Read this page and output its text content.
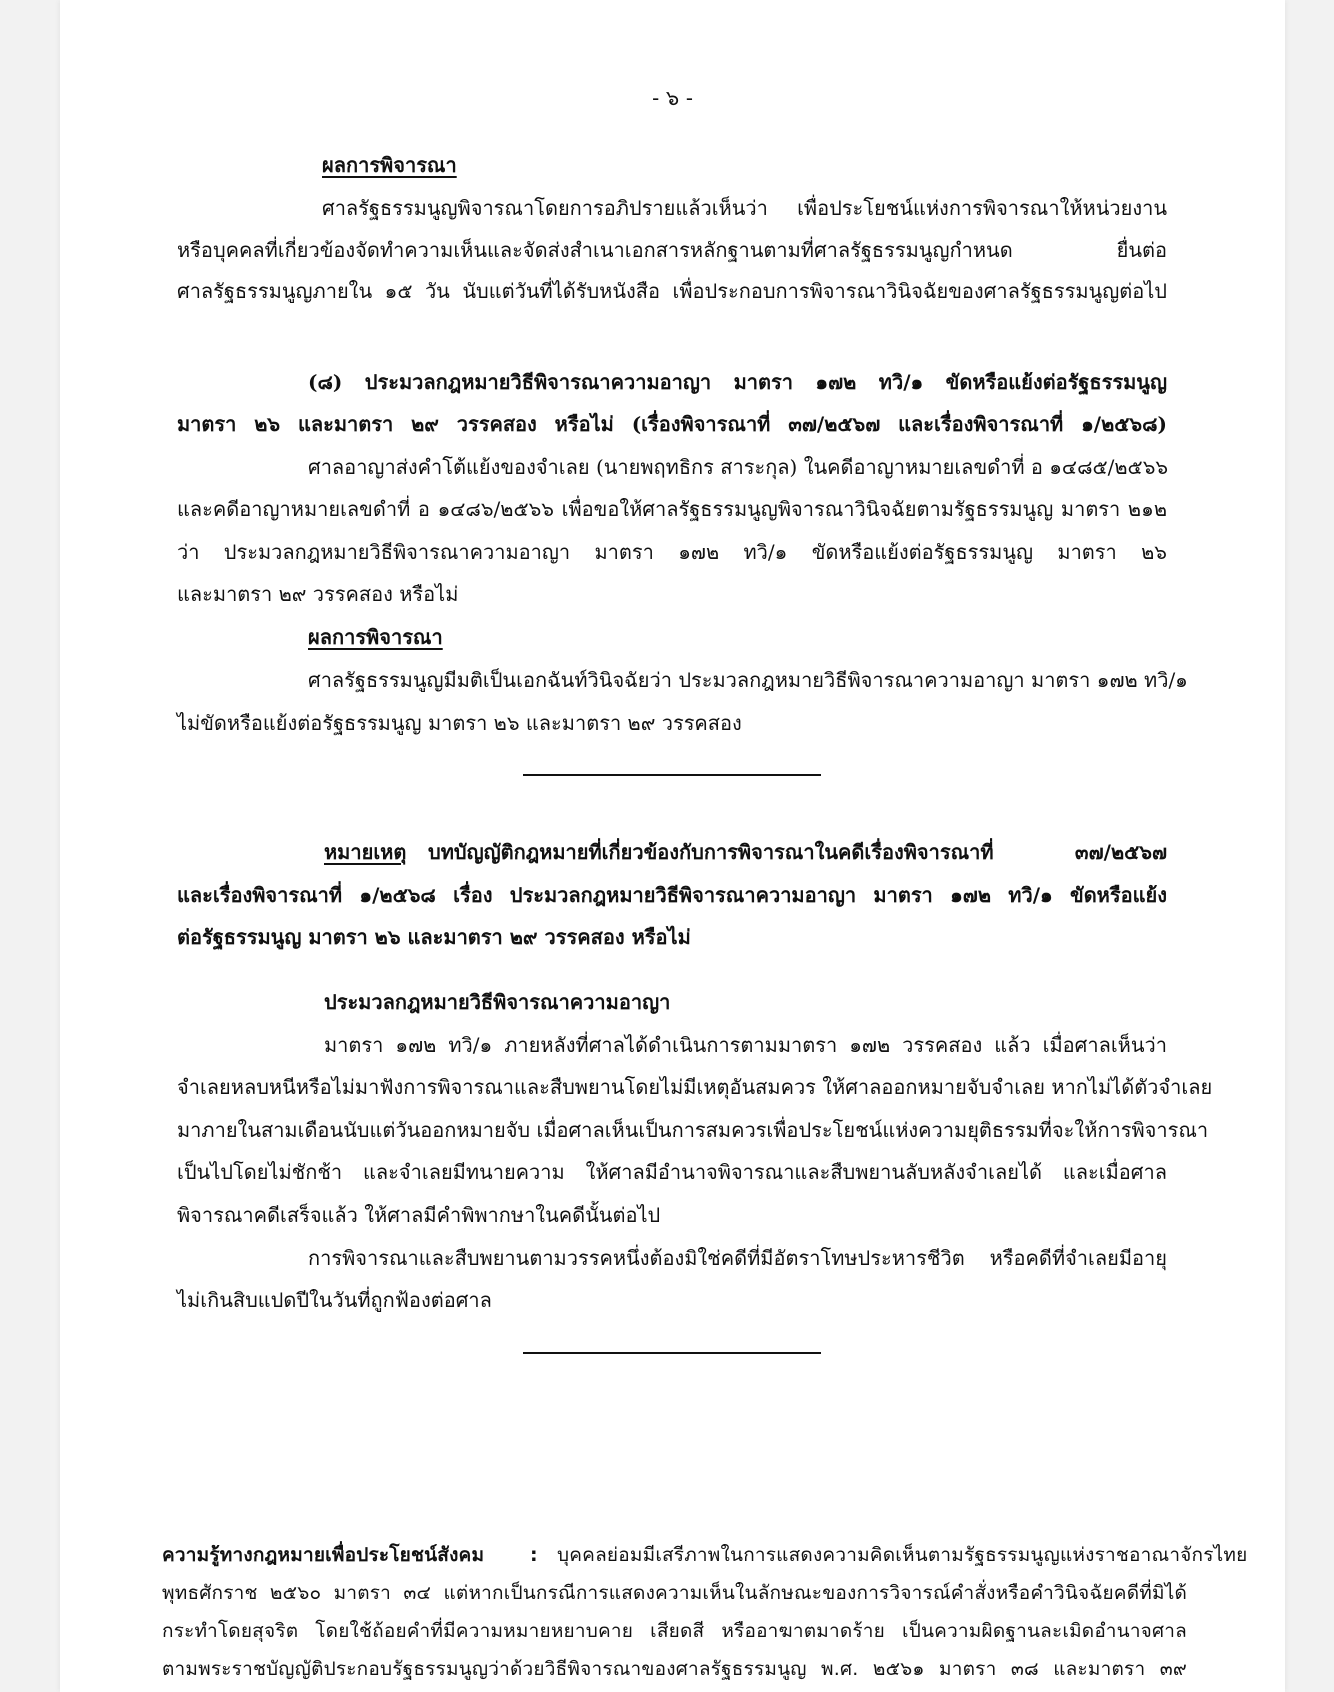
- ๖ -
ผลการพิจารณา
ศาลรัฐธรรมนูญพิจารณาโดยการอภิปรายแล้วเห็นว่า เพื่อประโยชน์แห่งการพิจารณาให้หน่วยงาน
หรือบุคคลที่เกี่ยวข้องจัดทำความเห็นและจัดส่งสำเนาเอกสารหลักฐานตามที่ศาลรัฐธรรมนูญกำหนด ยื่นต่อ
ศาลรัฐธรรมนูญภายใน ๑๕ วัน นับแต่วันที่ได้รับหนังสือ เพื่อประกอบการพิจารณาวินิจฉัยของศาลรัฐธรรมนูญต่อไป
(๘) ประมวลกฎหมายวิธีพิจารณาความอาญา มาตรา ๑๗๒ ทวิ/๑ ขัดหรือแย้งต่อรัฐธรรมนูญ
มาตรา ๒๖ และมาตรา ๒๙ วรรคสอง หรือไม่ (เรื่องพิจารณาที่ ๓๗/๒๕๖๗ และเรื่องพิจารณาที่ ๑/๒๕๖๘)
ศาลอาญาส่งคำโต้แย้งของจำเลย (นายพฤทธิกร สาระกุล) ในคดีอาญาหมายเลขดำที่ อ ๑๔๘๕/๒๕๖๖
และคดีอาญาหมายเลขดำที่ อ ๑๔๘๖/๒๕๖๖ เพื่อขอให้ศาลรัฐธรรมนูญพิจารณาวินิจฉัยตามรัฐธรรมนูญ มาตรา ๒๑๒
ว่า ประมวลกฎหมายวิธีพิจารณาความอาญา มาตรา ๑๗๒ ทวิ/๑ ขัดหรือแย้งต่อรัฐธรรมนูญ มาตรา ๒๖
และมาตรา ๒๙ วรรคสอง หรือไม่
ผลการพิจารณา
ศาลรัฐธรรมนูญมีมติเป็นเอกฉันท์วินิจฉัยว่า ประมวลกฎหมายวิธีพิจารณาความอาญา มาตรา ๑๗๒ ทวิ/๑
ไม่ขัดหรือแย้งต่อรัฐธรรมนูญ มาตรา ๒๖ และมาตรา ๒๙ วรรคสอง
หมายเหตุ บทบัญญัติกฎหมายที่เกี่ยวข้องกับการพิจารณาในคดีเรื่องพิจารณาที่ ๓๗/๒๕๖๗
และเรื่องพิจารณาที่ ๑/๒๕๖๘ เรื่อง ประมวลกฎหมายวิธีพิจารณาความอาญา มาตรา ๑๗๒ ทวิ/๑ ขัดหรือแย้ง
ต่อรัฐธรรมนูญ มาตรา ๒๖ และมาตรา ๒๙ วรรคสอง หรือไม่
ประมวลกฎหมายวิธีพิจารณาความอาญา
มาตรา ๑๗๒ ทวิ/๑ ภายหลังที่ศาลได้ดำเนินการตามมาตรา ๑๗๒ วรรคสอง แล้ว เมื่อศาลเห็นว่า
จำเลยหลบหนีหรือไม่มาฟังการพิจารณาและสืบพยานโดยไม่มีเหตุอันสมควร ให้ศาลออกหมายจับจำเลย หากไม่ได้ตัวจำเลย
มาภายในสามเดือนนับแต่วันออกหมายจับ เมื่อศาลเห็นเป็นการสมควรเพื่อประโยชน์แห่งความยุติธรรมที่จะให้การพิจารณา
เป็นไปโดยไม่ชักช้า และจำเลยมีทนายความ ให้ศาลมีอำนาจพิจารณาและสืบพยานลับหลังจำเลยได้ และเมื่อศาล
พิจารณาคดีเสร็จแล้ว ให้ศาลมีคำพิพากษาในคดีนั้นต่อไป
การพิจารณาและสืบพยานตามวรรคหนึ่งต้องมิใช่คดีที่มีอัตราโทษประหารชีวิต หรือคดีที่จำเลยมีอายุ
ไม่เกินสิบแปดปีในวันที่ถูกฟ้องต่อศาล
ความรู้ทางกฎหมายเพื่อประโยชน์สังคม : บุคคลย่อมมีเสรีภาพในการแสดงความคิดเห็นตามรัฐธรรมนูญแห่งราชอาณาจักรไทย
พุทธศักราช ๒๕๖๐ มาตรา ๓๔ แต่หากเป็นกรณีการแสดงความเห็นในลักษณะของการวิจารณ์คำสั่งหรือคำวินิจฉัยคดีที่มิได้
กระทำโดยสุจริต โดยใช้ถ้อยคำที่มีความหมายหยาบคาย เสียดสี หรืออาฆาตมาดร้าย เป็นความผิดฐานละเมิดอำนาจศาล
ตามพระราชบัญญัติประกอบรัฐธรรมนูญว่าด้วยวิธีพิจารณาของศาลรัฐธรรมนูญ พ.ศ. ๒๕๖๑ มาตรา ๓๘ และมาตรา ๓๙
